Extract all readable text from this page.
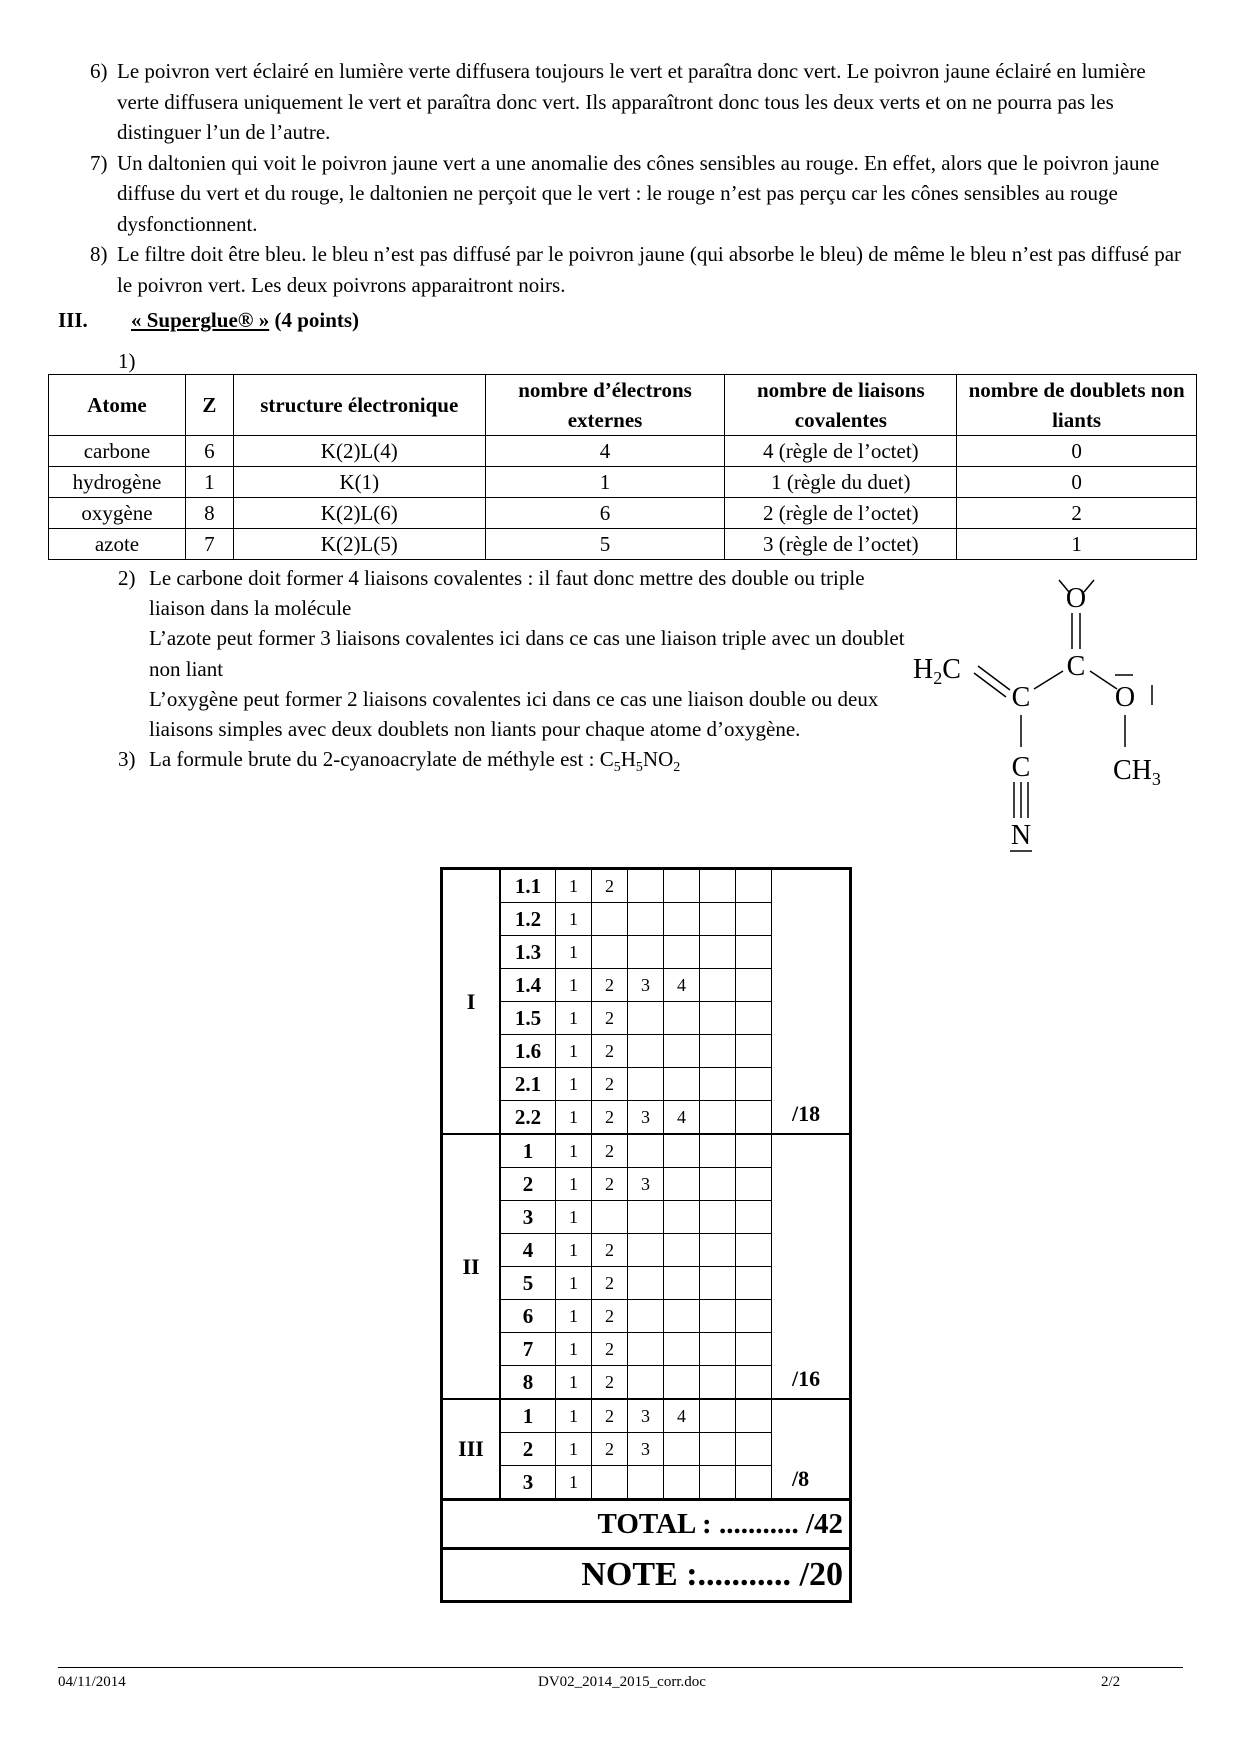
6) Le poivron vert éclairé en lumière verte diffusera toujours le vert et paraîtra donc vert. Le poivron jaune éclairé en lumière verte diffusera uniquement le vert et paraîtra donc vert. Ils apparaîtront donc tous les deux verts et on ne pourra pas les distinguer l’un de l’autre.
7) Un daltonien qui voit le poivron jaune vert a une anomalie des cônes sensibles au rouge. En effet, alors que le poivron jaune diffuse du vert et du rouge, le daltonien ne perçoit que le vert : le rouge n’est pas perçu car les cônes sensibles au rouge dysfonctionnent.
8) Le filtre doit être bleu. le bleu n’est pas diffusé par le poivron jaune (qui absorbe le bleu) de même le bleu n’est pas diffusé par le poivron vert. Les deux poivrons apparaitront noirs.
III. « Superglue® » (4 points)
1)
Atome	Z	structure électronique	nombre d’électrons externes	nombre de liaisons covalentes	nombre de doublets non liants
carbone	6	K(2)L(4)	4	4 (règle de l’octet)	0
hydrogène	1	K(1)	1	1 (règle du duet)	0
oxygène	8	K(2)L(6)	6	2 (règle de l’octet)	2
azote	7	K(2)L(5)	5	3 (règle de l’octet)	1
2) Le carbone doit former 4 liaisons covalentes : il faut donc mettre des double ou triple liaison dans la molécule
L’azote peut former 3 liaisons covalentes ici dans ce cas une liaison triple avec un doublet non liant
L’oxygène peut former 2 liaisons covalentes ici dans ce cas une liaison double ou deux liaisons simples avec deux doublets non liants pour chaque atome d’oxygène.
3) La formule brute du 2-cyanoacrylate de méthyle est : $C_5H_5NO_2$
O
C
$H_2C$
C	O
$CH_3$
C
N
I	1.1	1	2					/18
	1.2	1						
	1.3	1						
	1.4	1	2	3	4			
	1.5	1	2					
	1.6	1	2					
	2.1	1	2					
	2.2	1	2	3	4			
II	1	1	2					/16
	2	1	2	3				
	3	1						
	4	1	2					
	5	1	2					
	6	1	2					
	7	1	2					
	8	1	2					
III	1	1	2	3	4			/8
	2	1	2	3				
	3	1						
TOTAL : ........... /42								
NOTE :........... /20								
04/11/2014	DV02_2014_2015_corr.doc	2/2
